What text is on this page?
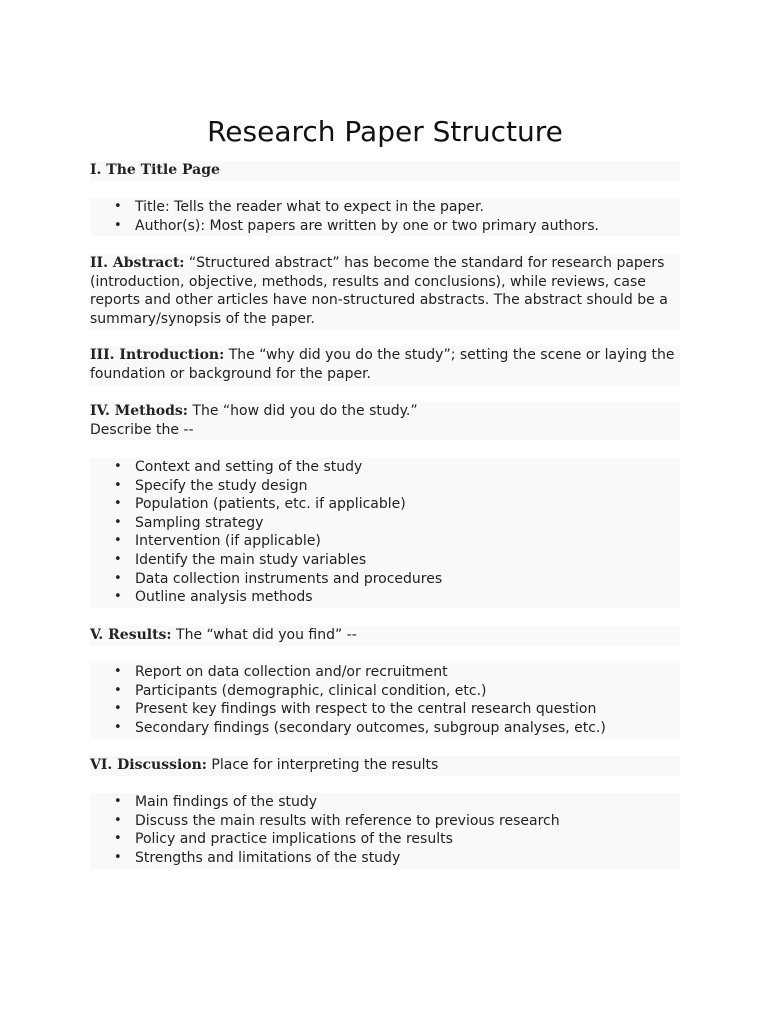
Research Paper Structure

I. The Title Page

• Title: Tells the reader what to expect in the paper.
• Author(s): Most papers are written by one or two primary authors.

II. Abstract: “Structured abstract” has become the standard for research papers (introduction, objective, methods, results and conclusions), while reviews, case reports and other articles have non-structured abstracts. The abstract should be a summary/synopsis of the paper.

III. Introduction: The “why did you do the study”; setting the scene or laying the foundation or background for the paper.

IV. Methods: The “how did you do the study.”

Describe the --

• Context and setting of the study
• Specify the study design
• Population (patients, etc. if applicable)
• Sampling strategy
• Intervention (if applicable)
• Identify the main study variables
• Data collection instruments and procedures
• Outline analysis methods

V. Results: The “what did you find” --

• Report on data collection and/or recruitment
• Participants (demographic, clinical condition, etc.)
• Present key findings with respect to the central research question
• Secondary findings (secondary outcomes, subgroup analyses, etc.)

VI. Discussion: Place for interpreting the results

• Main findings of the study
• Discuss the main results with reference to previous research
• Policy and practice implications of the results
• Strengths and limitations of the study
